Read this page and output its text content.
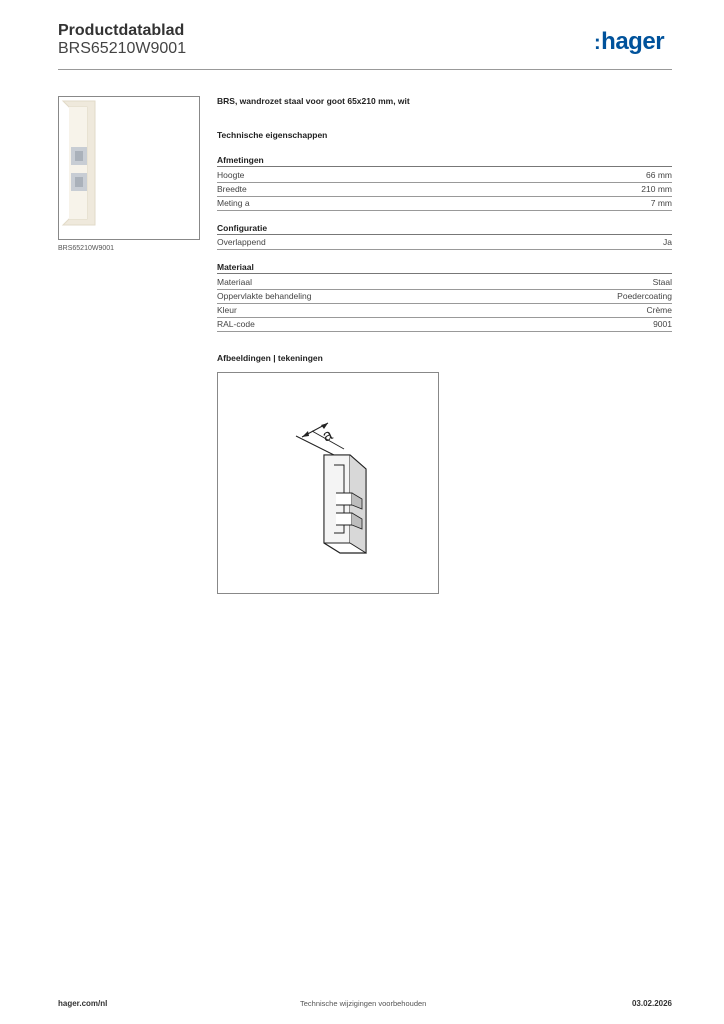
Productdatablad
BRS65210W9001	:hager
BRS65210W9001
BRS, wandrozet staal voor goot 65x210 mm, wit
Technische eigenschappen
Afmetingen
Hoogte	66 mm
Breedte	210 mm
Meting a	7 mm
Configuratie
Overlappend	Ja
Materiaal
Materiaal	Staal
Oppervlakte behandeling	Poedercoating
Kleur	Crème
RAL-code	9001
Afbeeldingen | tekeningen
a
hager.com/nl	Technische wijzigingen voorbehouden	03.02.2026
